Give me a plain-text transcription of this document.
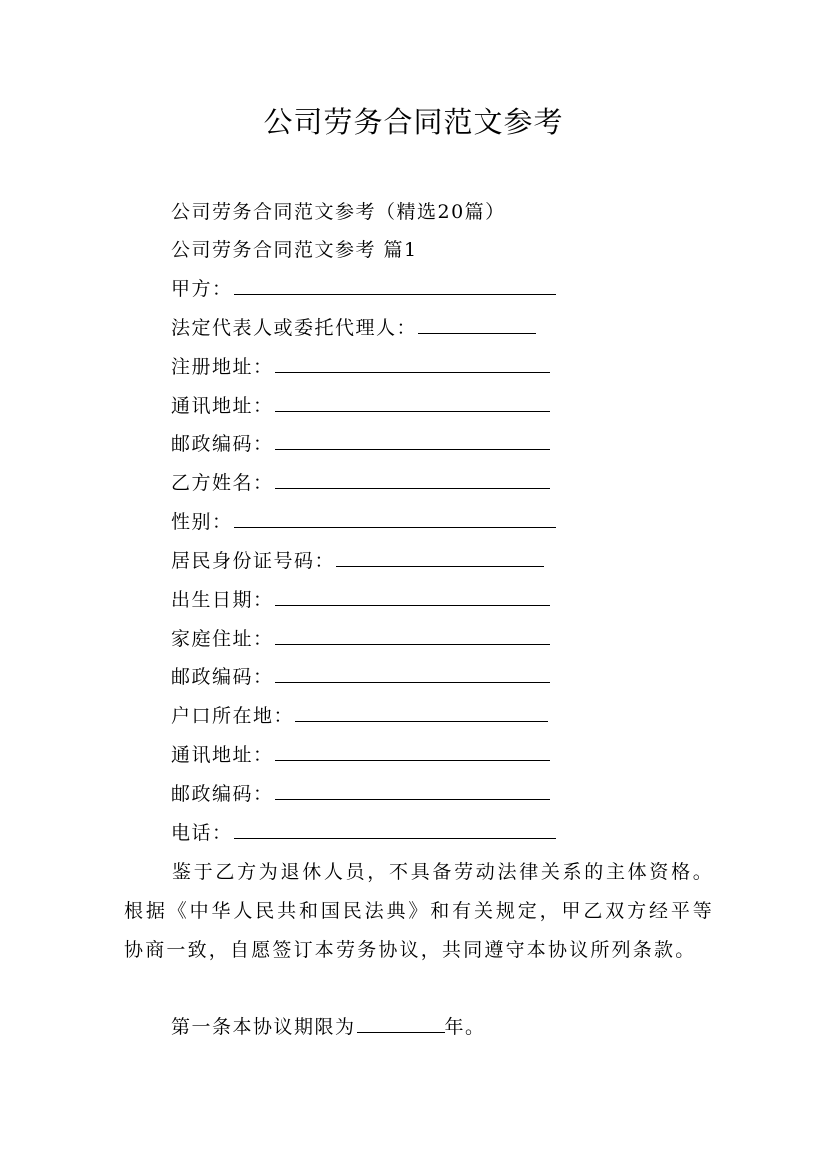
公司劳务合同范文参考
公司劳务合同范文参考（精选20篇）
公司劳务合同范文参考 篇1
甲方：
法定代表人或委托代理人：
注册地址：
通讯地址：
邮政编码：
乙方姓名：
性别：
居民身份证号码：
出生日期：
家庭住址：
邮政编码：
户口所在地：
通讯地址：
邮政编码：
电话：
鉴于乙方为退休人员，不具备劳动法律关系的主体资格。根据《中华人民共和国民法典》和有关规定，甲乙双方经平等协商一致，自愿签订本劳务协议，共同遵守本协议所列条款。
第一条本协议期限为	年。
